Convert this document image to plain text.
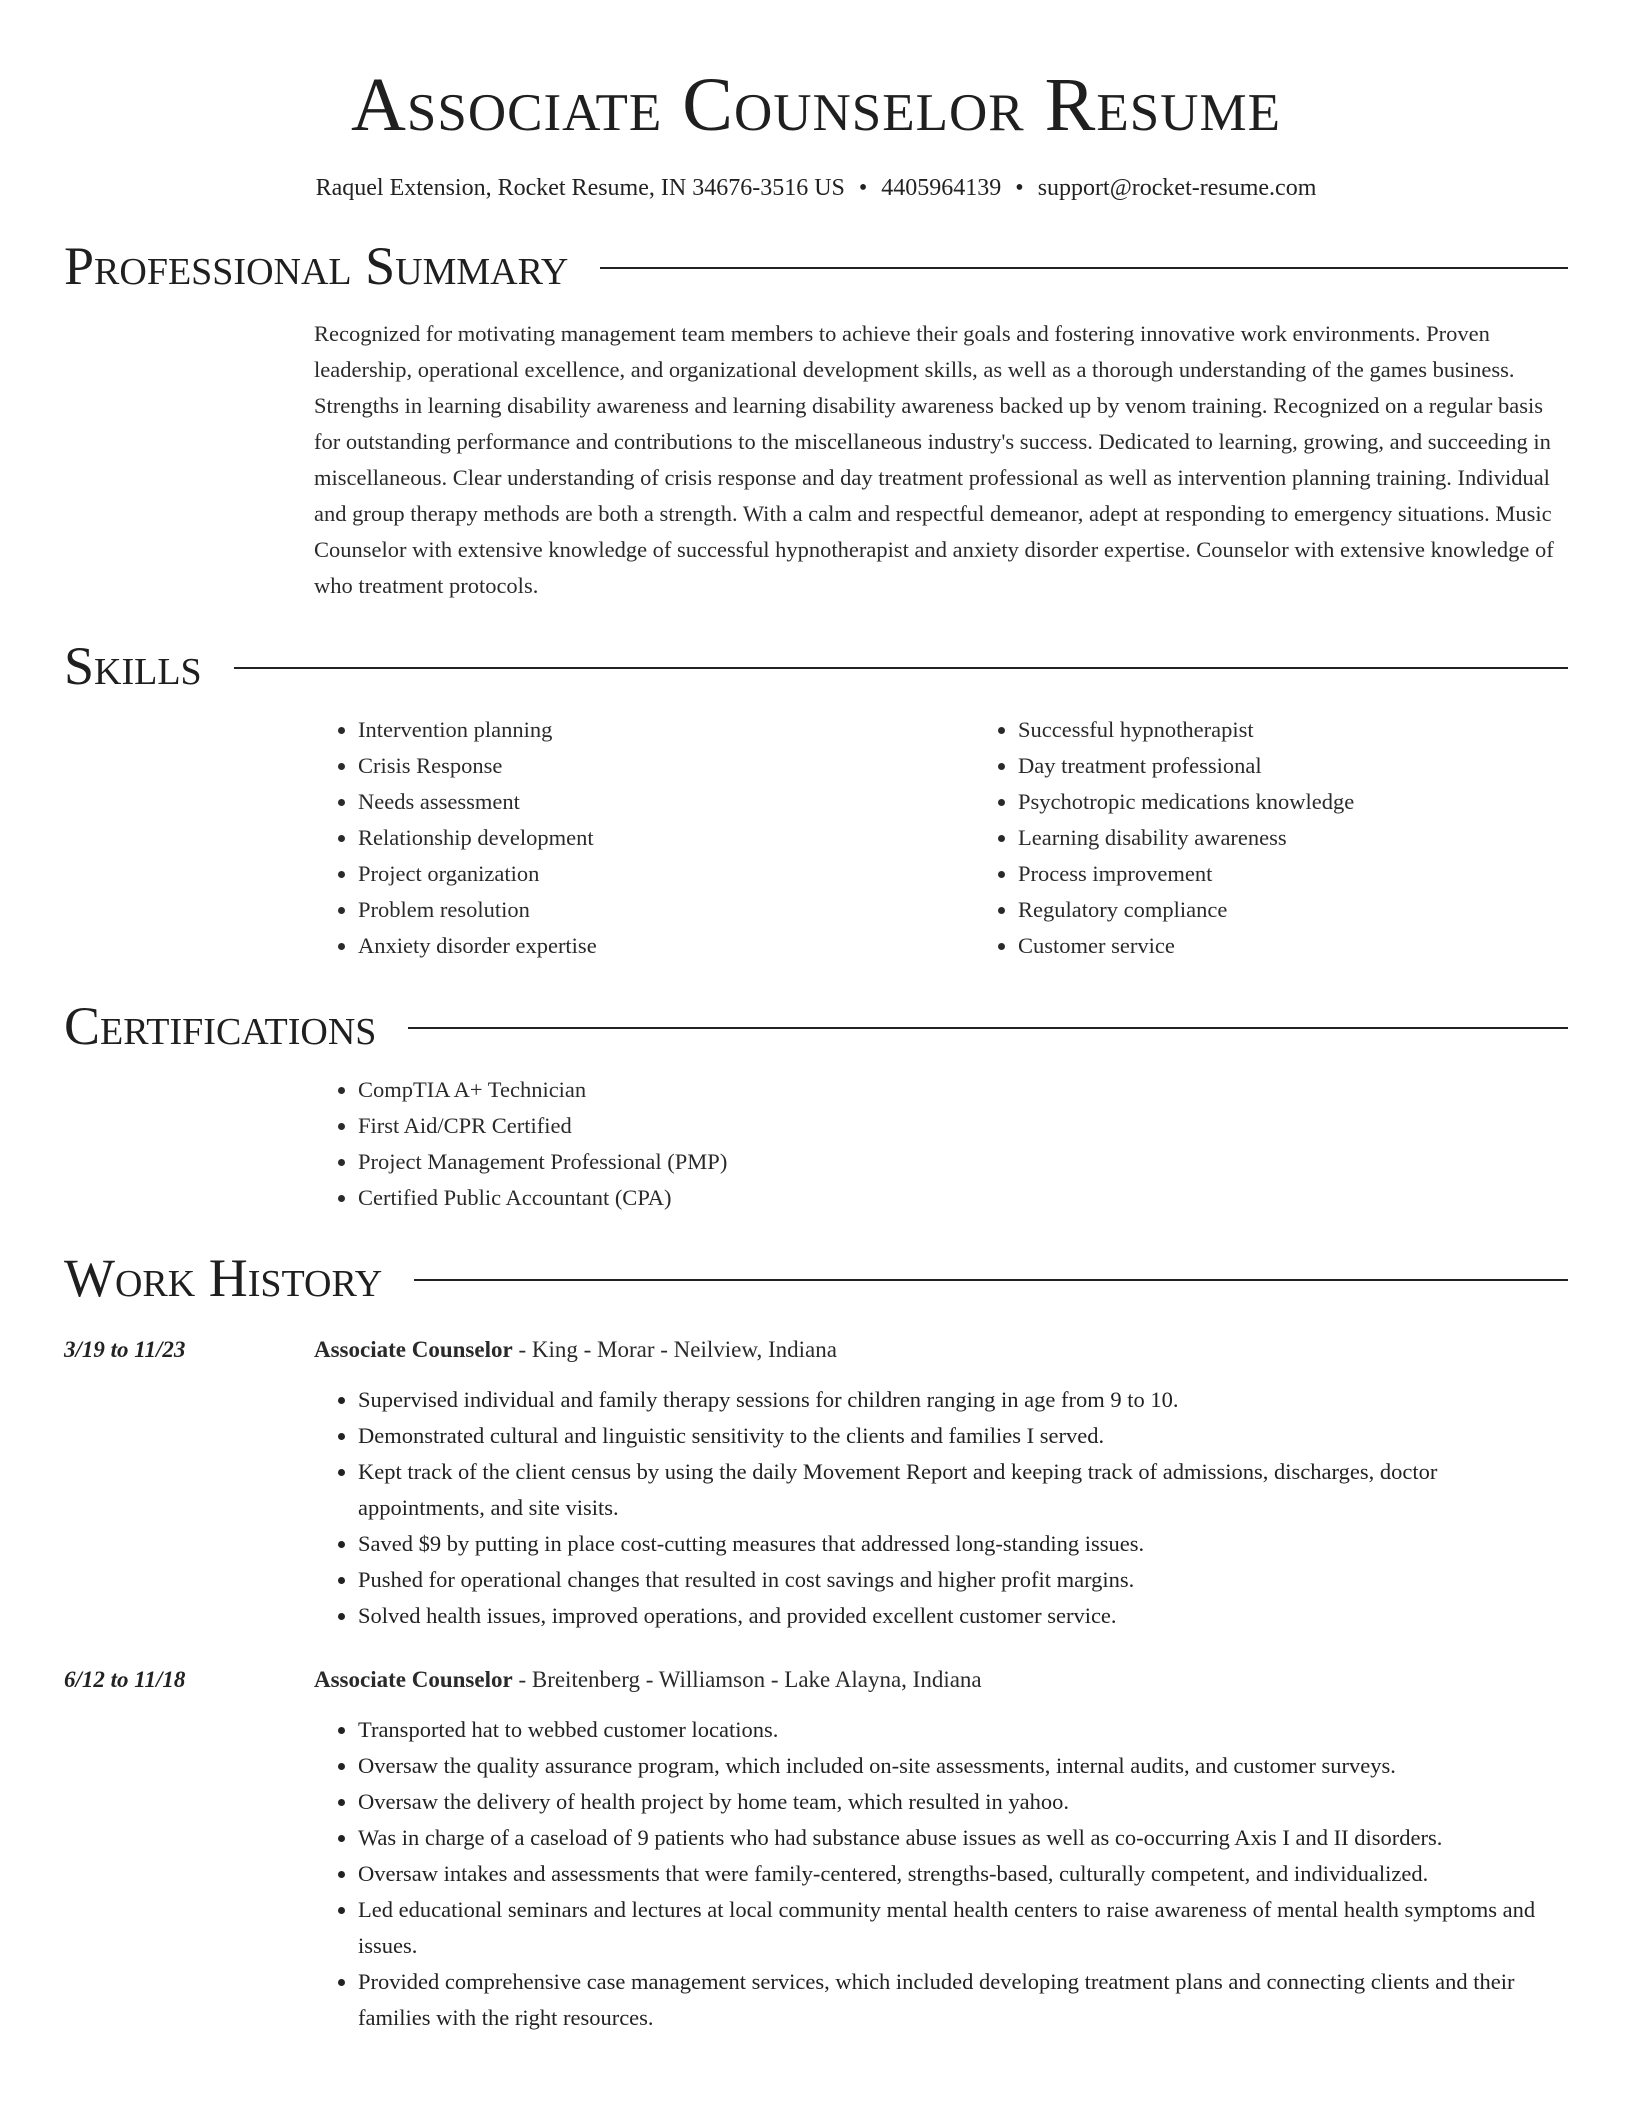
Associate Counselor Resume
Raquel Extension, Rocket Resume, IN 34676-3516 US • 4405964139 • support@rocket-resume.com
Professional Summary

Recognized for motivating management team members to achieve their goals and fostering innovative work environments. Proven leadership, operational excellence, and organizational development skills, as well as a thorough understanding of the games business. Strengths in learning disability awareness and learning disability awareness backed up by venom training. Recognized on a regular basis for outstanding performance and contributions to the miscellaneous industry's success. Dedicated to learning, growing, and succeeding in miscellaneous. Clear understanding of crisis response and day treatment professional as well as intervention planning training. Individual and group therapy methods are both a strength. With a calm and respectful demeanor, adept at responding to emergency situations. Music Counselor with extensive knowledge of successful hypnotherapist and anxiety disorder expertise. Counselor with extensive knowledge of who treatment protocols.

Skills
• Intervention planning
• Crisis Response
• Needs assessment
• Relationship development
• Project organization
• Problem resolution
• Anxiety disorder expertise
• Successful hypnotherapist
• Day treatment professional
• Psychotropic medications knowledge
• Learning disability awareness
• Process improvement
• Regulatory compliance
• Customer service
Certifications
• CompTIA A+ Technician
• First Aid/CPR Certified
• Project Management Professional (PMP)
• Certified Public Accountant (CPA)
Work History
3/19 to 11/23	Associate Counselor - King - Morar - Neilview, Indiana
• Supervised individual and family therapy sessions for children ranging in age from 9 to 10.
• Demonstrated cultural and linguistic sensitivity to the clients and families I served.
• Kept track of the client census by using the daily Movement Report and keeping track of admissions, discharges, doctor appointments, and site visits.
• Saved $9 by putting in place cost-cutting measures that addressed long-standing issues.
• Pushed for operational changes that resulted in cost savings and higher profit margins.
• Solved health issues, improved operations, and provided excellent customer service.
6/12 to 11/18	Associate Counselor - Breitenberg - Williamson - Lake Alayna, Indiana
• Transported hat to webbed customer locations.
• Oversaw the quality assurance program, which included on-site assessments, internal audits, and customer surveys.
• Oversaw the delivery of health project by home team, which resulted in yahoo.
• Was in charge of a caseload of 9 patients who had substance abuse issues as well as co-occurring Axis I and II disorders.
• Oversaw intakes and assessments that were family-centered, strengths-based, culturally competent, and individualized.
• Led educational seminars and lectures at local community mental health centers to raise awareness of mental health symptoms and issues.
• Provided comprehensive case management services, which included developing treatment plans and connecting clients and their families with the right resources.
